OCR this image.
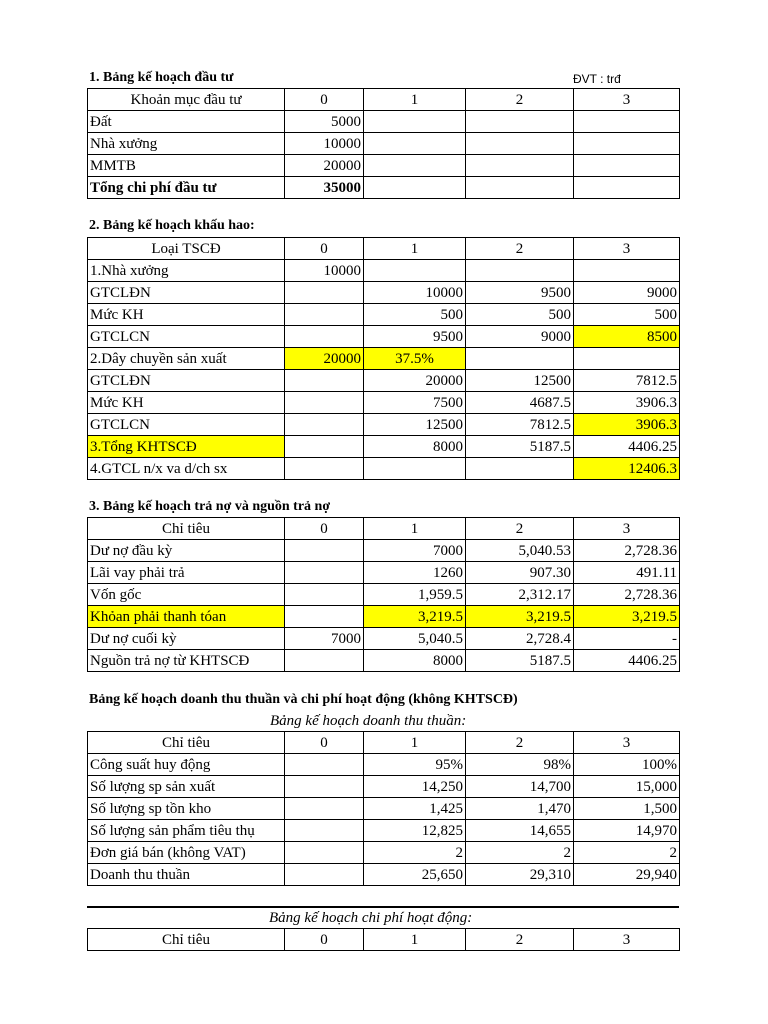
1. Bảng kế hoạch đầu tư	ĐVT : trđ
Khoản mục đầu tư	0	1	2	3
Đất	5000			
Nhà xưởng	10000			
MMTB	20000			
Tổng chi phí đầu tư	35000			
2. Bảng kế hoạch khấu hao:
Loại TSCĐ	0	1	2	3
1.Nhà xưởng	10000			
GTCLĐN		10000	9500	9000
Mức KH		500	500	500
GTCLCN		9500	9000	8500
2.Dây chuyền sản xuất	20000	37.5%		
GTCLĐN		20000	12500	7812.5
Mức KH		7500	4687.5	3906.3
GTCLCN		12500	7812.5	3906.3
3.Tổng KHTSCĐ		8000	5187.5	4406.25
4.GTCL n/x va d/ch sx				12406.3
3. Bảng kế hoạch trả nợ và nguồn trả nợ
Chỉ tiêu	0	1	2	3
Dư nợ đầu kỳ		7000	5,040.53	2,728.36
Lãi vay phải trả		1260	907.30	491.11
Vốn gốc		1,959.5	2,312.17	2,728.36
Khỏan phải thanh tóan		3,219.5	3,219.5	3,219.5
Dư nợ cuối kỳ	7000	5,040.5	2,728.4	-
Nguồn trả nợ từ KHTSCĐ		8000	5187.5	4406.25
Bảng kế hoạch doanh thu thuần và chi phí hoạt động (không KHTSCĐ)
Bảng kế hoạch doanh thu thuần:
Chỉ tiêu	0	1	2	3
Công suất huy động		95%	98%	100%
Số lượng sp sản xuất		14,250	14,700	15,000
Số lượng sp tồn kho		1,425	1,470	1,500
Số lượng sản phẩm tiêu thụ		12,825	14,655	14,970
Đơn giá bán (không VAT)		2	2	2
Doanh thu thuần		25,650	29,310	29,940
Bảng kế hoạch chi phí hoạt động:
Chỉ tiêu	0	1	2	3
